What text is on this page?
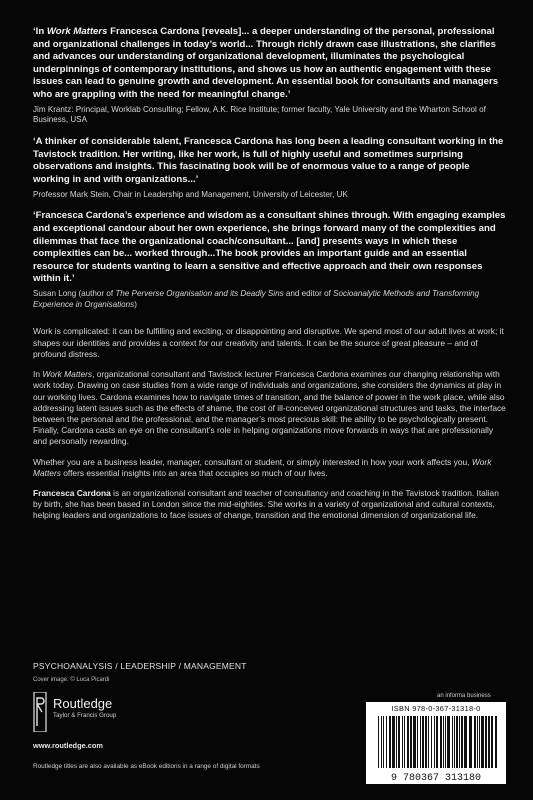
‘In Work Matters Francesca Cardona [reveals]... a deeper understanding of the personal, professional and organizational challenges in today’s world... Through richly drawn case illustrations, she clarifies and advances our understanding of organizational development, illuminates the psychological underpinnings of contemporary institutions, and shows us how an authentic engagement with these issues can lead to genuine growth and development. An essential book for consultants and managers who are grappling with the need for meaningful change.’

Jim Krantz: Principal, Worklab Consulting; Fellow, A.K. Rice Institute; former faculty, Yale University and the Wharton School of Business, USA

‘A thinker of considerable talent, Francesca Cardona has long been a leading consultant working in the Tavistock tradition. Her writing, like her work, is full of highly useful and sometimes surprising observations and insights. This fascinating book will be of enormous value to a range of people working in and with organizations...’

Professor Mark Stein, Chair in Leadership and Management, University of Leicester, UK

‘Francesca Cardona’s experience and wisdom as a consultant shines through. With engaging examples and exceptional candour about her own experience, she brings forward many of the complexities and dilemmas that face the organizational coach/consultant... [and] presents ways in which these complexities can be... worked through...The book provides an important guide and an essential resource for students wanting to learn a sensitive and effective approach and their own responses within it.’

Susan Long (author of The Perverse Organisation and its Deadly Sins and editor of Socioanalytic Methods and Transforming Experience in Organisations)

Work is complicated: it can be fulfilling and exciting, or disappointing and disruptive. We spend most of our adult lives at work; it shapes our identities and provides a context for our creativity and talents. It can be the source of great pleasure – and of profound distress.

In Work Matters, organizational consultant and Tavistock lecturer Francesca Cardona examines our changing relationship with work today. Drawing on case studies from a wide range of individuals and organizations, she considers the dynamics at play in our working lives. Cardona examines how to navigate times of transition, and the balance of power in the work place, while also addressing latent issues such as the effects of shame, the cost of ill-conceived organizational structures and tasks, the interface between the personal and the professional, and the manager’s most precious skill: the ability to be psychologically present. Finally, Cardona casts an eye on the consultant’s role in helping organizations move forwards in ways that are professionally and personally rewarding.

Whether you are a business leader, manager, consultant or student, or simply interested in how your work affects you, Work Matters offers essential insights into an area that occupies so much of our lives.

Francesca Cardona is an organizational consultant and teacher of consultancy and coaching in the Tavistock tradition. Italian by birth, she has been based in London since the mid-eighties. She works in a variety of organizational and cultural contexts, helping leaders and organizations to face issues of change, transition and the emotional dimension of organizational life.

PSYCHOANALYSIS / LEADERSHIP / MANAGEMENT
Cover image: © Luca Picardi
Routledge
Taylor & Francis Group
www.routledge.com
Routledge titles are also available as eBook editions in a range of digital formats
an informa business
ISBN 978-0-367-31318-0
9 780367 313180
